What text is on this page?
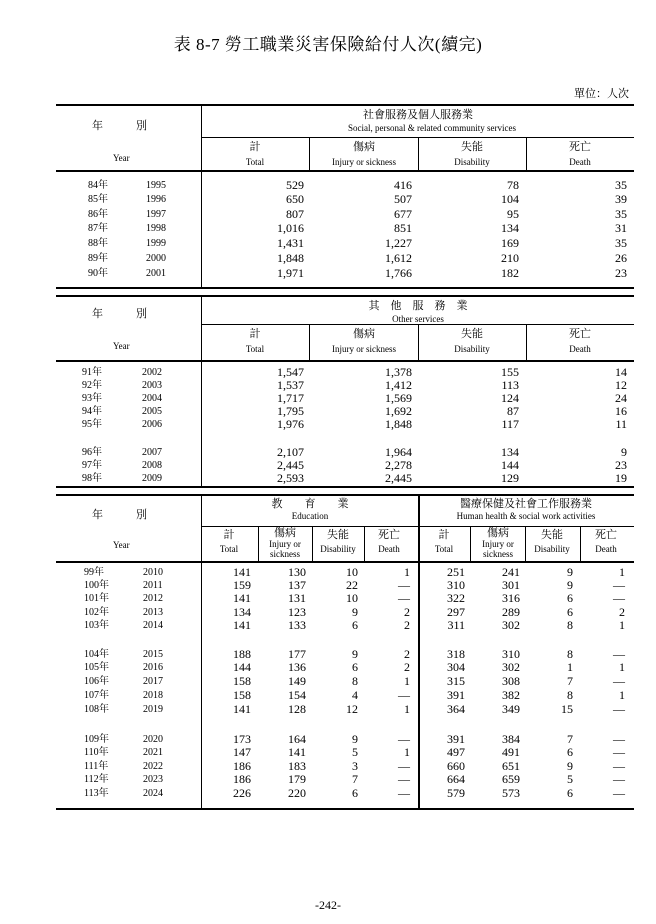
表 8-7 勞工職業災害保險給付人次(續完)
單位：人次
-242-
年　　　別
Year
社會服務及個人服務業
Social, personal & related community services
計
Total
傷病
Injury or sickness
失能
Disability
死亡
Death
84年	1995	529	416	78	35
85年	1996	650	507	104	39
86年	1997	807	677	95	35
87年	1998	1,016	851	134	31
88年	1999	1,431	1,227	169	35
89年	2000	1,848	1,612	210	26
90年	2001	1,971	1,766	182	23
年　　　別
Year
其　他　服　務　業
Other services
計
Total
傷病
Injury or sickness
失能
Disability
死亡
Death
91年	2002	1,547	1,378	155	14
92年	2003	1,537	1,412	113	12
93年	2004	1,717	1,569	124	24
94年	2005	1,795	1,692	87	16
95年	2006	1,976	1,848	117	11
96年	2007	2,107	1,964	134	9
97年	2008	2,445	2,278	144	23
98年	2009	2,593	2,445	129	19
年　　　別
Year
教　　育　　業
Education
醫療保健及社會工作服務業
Human health & social work activities
計
Total
傷病
Injury or
sickness
失能
Disability
死亡
Death
計
Total
傷病
Injury or
sickness
失能
Disability
死亡
Death
99年	2010	141	130	10	1	251	241	9	1
100年	2011	159	137	22	—	310	301	9	—
101年	2012	141	131	10	—	322	316	6	—
102年	2013	134	123	9	2	297	289	6	2
103年	2014	141	133	6	2	311	302	8	1
104年	2015	188	177	9	2	318	310	8	—
105年	2016	144	136	6	2	304	302	1	1
106年	2017	158	149	8	1	315	308	7	—
107年	2018	158	154	4	—	391	382	8	1
108年	2019	141	128	12	1	364	349	15	—
109年	2020	173	164	9	—	391	384	7	—
110年	2021	147	141	5	1	497	491	6	—
111年	2022	186	183	3	—	660	651	9	—
112年	2023	186	179	7	—	664	659	5	—
113年	2024	226	220	6	—	579	573	6	—
